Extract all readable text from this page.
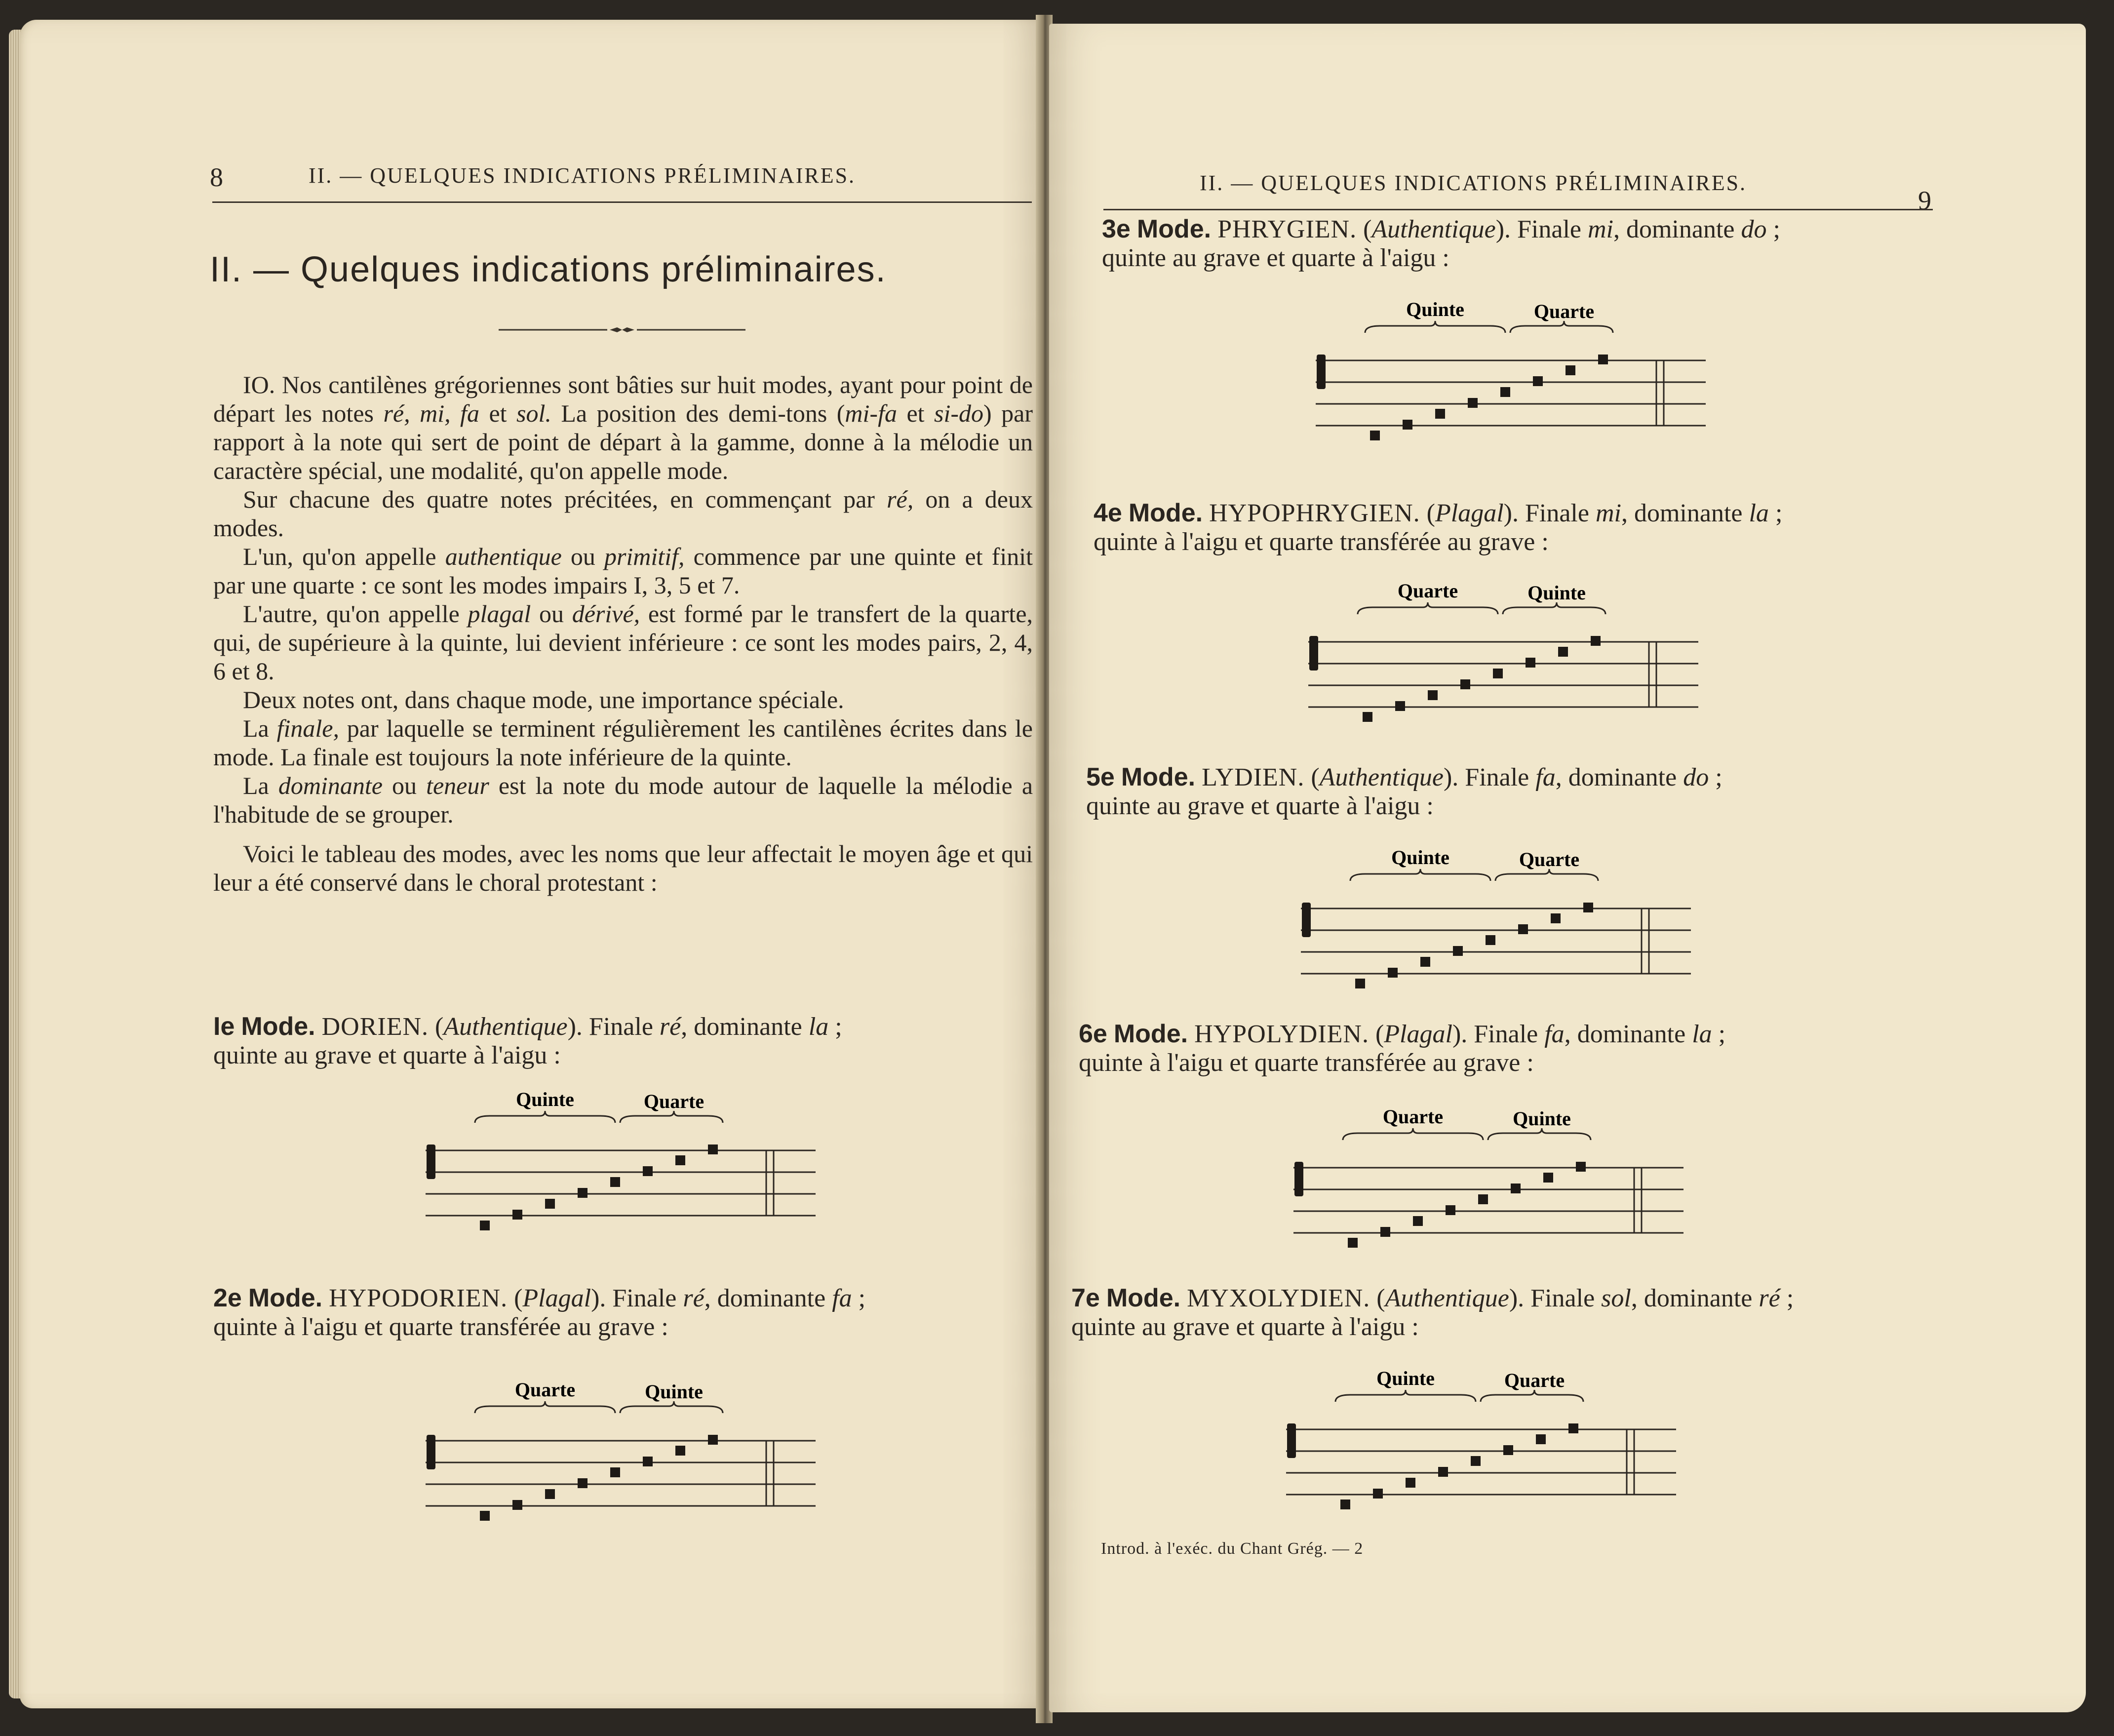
8	II. — QUELQUES INDICATIONS PRÉLIMINAIRES.
II. — Quelques indications préliminaires.

IO. Nos cantilènes grégoriennes sont bâties sur huit modes, ayant pour point de départ les notes ré, mi, fa et sol. La position des demi-tons (mi-fa et si-do) par rapport à la note qui sert de point de départ à la gamme, donne à la mélodie un caractère spécial, une modalité, qu'on appelle mode.

Sur chacune des quatre notes précitées, en commençant par ré, on a deux modes.

L'un, qu'on appelle authentique ou primitif, commence par une quinte et finit par une quarte : ce sont les modes impairs I, 3, 5 et 7.

L'autre, qu'on appelle plagal ou dérivé, est formé par le transfert de la quarte, qui, de supérieure à la quinte, lui devient inférieure : ce sont les modes pairs, 2, 4, 6 et 8.

Deux notes ont, dans chaque mode, une importance spéciale.

La finale, par laquelle se terminent régulièrement les cantilènes écrites dans le mode. La finale est toujours la note inférieure de la quinte.

La dominante ou teneur est la note du mode autour de laquelle la mélodie a l'habitude de se grouper.

Voici le tableau des modes, avec les noms que leur affectait le moyen âge et qui leur a été conservé dans le choral protestant :

Ie Mode. DORIEN. (Authentique). Finale ré, dominante la ;
quinte au grave et quarte à l'aigu :
Quinte	Quarte
2e Mode. HYPODORIEN. (Plagal). Finale ré, dominante fa ;
quinte à l'aigu et quarte transférée au grave :
Quarte	Quinte
II. — QUELQUES INDICATIONS PRÉLIMINAIRES.
9
3e Mode. PHRYGIEN. (Authentique). Finale mi, dominante do ;
quinte au grave et quarte à l'aigu :
Quinte	Quarte
4e Mode. HYPOPHRYGIEN. (Plagal). Finale mi, dominante la ;
quinte à l'aigu et quarte transférée au grave :
Quarte	Quinte
5e Mode. LYDIEN. (Authentique). Finale fa, dominante do ;
quinte au grave et quarte à l'aigu :
Quinte	Quarte
6e Mode. HYPOLYDIEN. (Plagal). Finale fa, dominante la ;
quinte à l'aigu et quarte transférée au grave :
Quarte	Quinte
7e Mode. MYXOLYDIEN. (Authentique). Finale sol, dominante ré ;
quinte au grave et quarte à l'aigu :
Quinte	Quarte
Introd. à l'exéc. du Chant Grég. — 2
